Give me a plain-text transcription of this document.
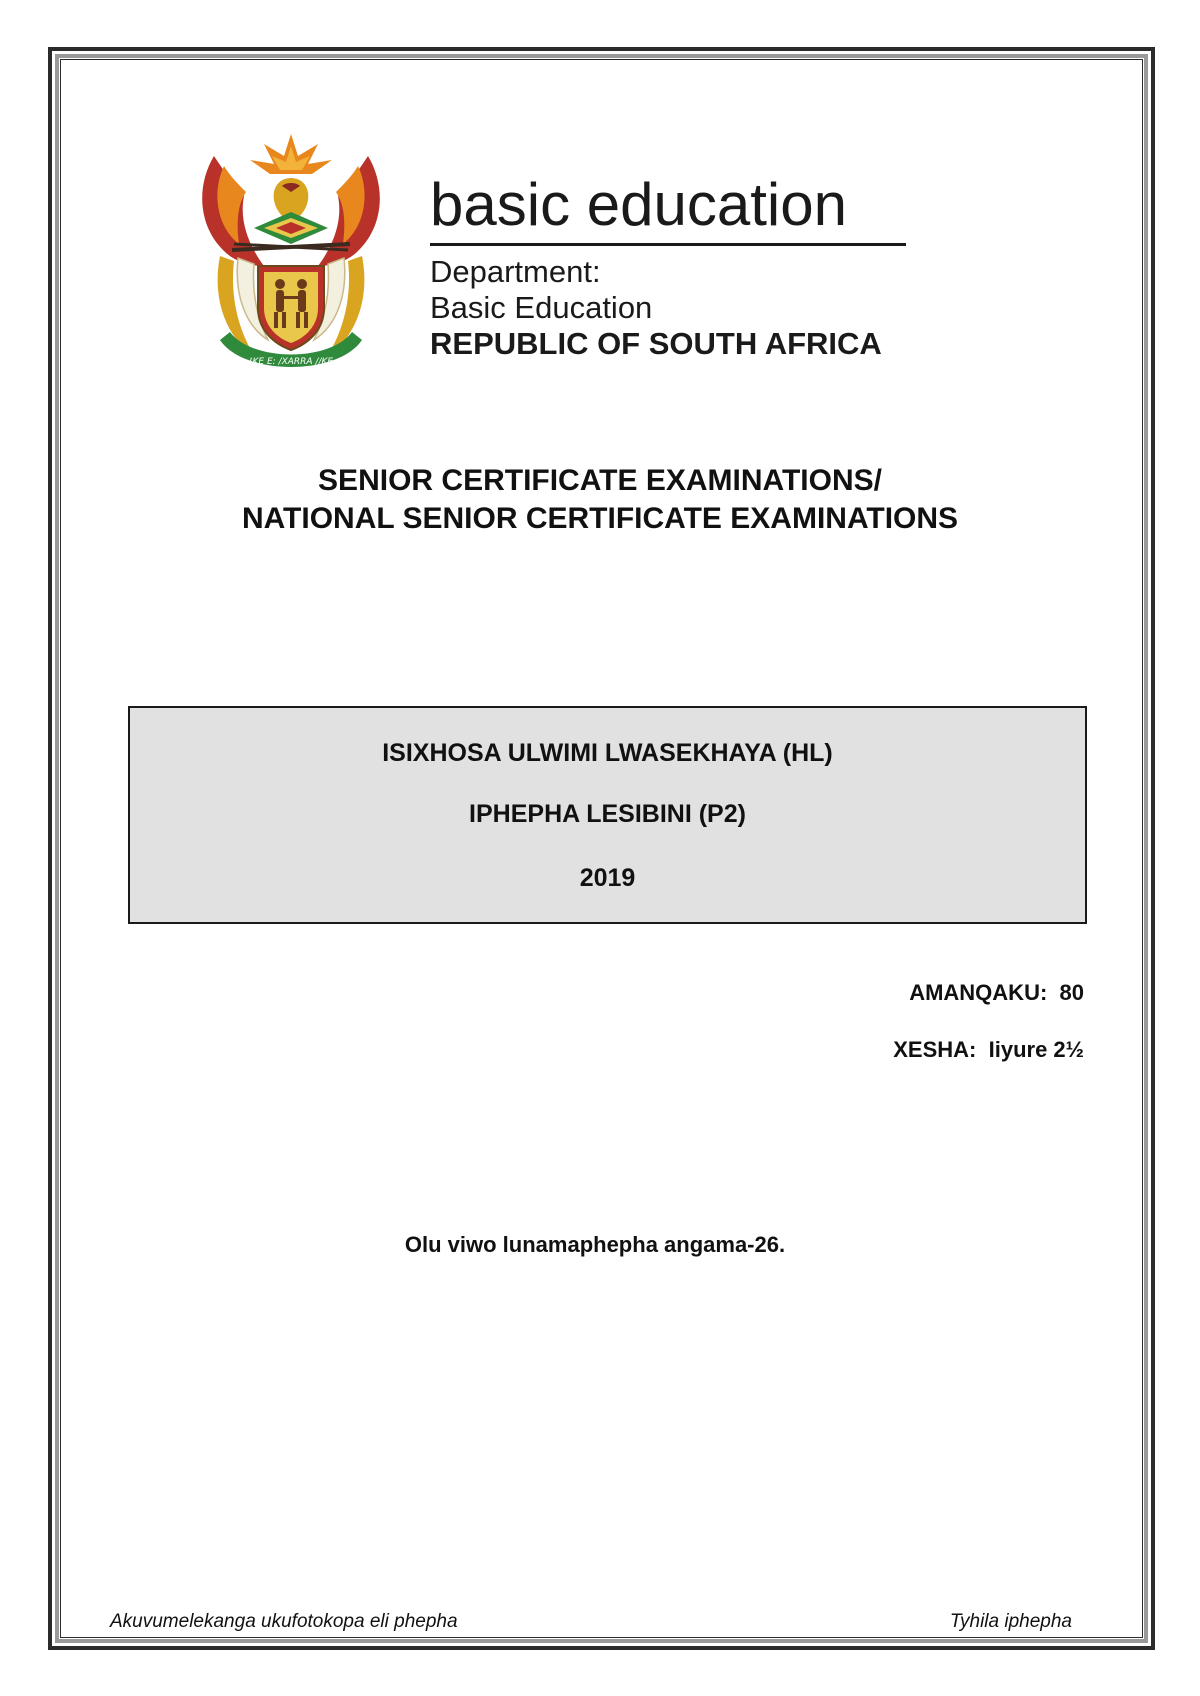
!KE E: /XARRA //KE
basic education
Department:
Basic Education
REPUBLIC OF SOUTH AFRICA
SENIOR CERTIFICATE EXAMINATIONS/
NATIONAL SENIOR CERTIFICATE EXAMINATIONS
ISIXHOSA ULWIMI LWASEKHAYA (HL)
IPHEPHA LESIBINI (P2)
2019
AMANQAKU: 80
XESHA: Iiyure 2½
Olu viwo lunamaphepha angama-26.
Akuvumelekanga ukufotokopa eli phepha	Tyhila iphepha
